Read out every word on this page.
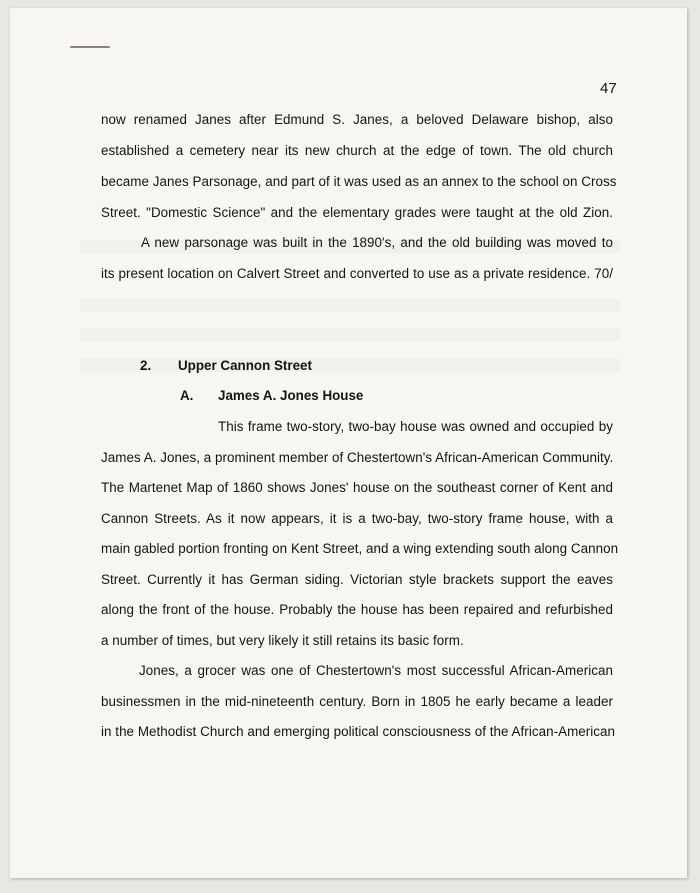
47
now renamed Janes after Edmund S. Janes, a beloved Delaware bishop, also
established a cemetery near its new church at the edge of town. The old church
became Janes Parsonage, and part of it was used as an annex to the school on Cross
Street. "Domestic Science" and the elementary grades were taught at the old Zion.
A new parsonage was built in the 1890's, and the old building was moved to
its present location on Calvert Street and converted to use as a private residence. 70/
2. Upper Cannon Street
A. James A. Jones House
This frame two-story, two-bay house was owned and occupied by
James A. Jones, a prominent member of Chestertown's African-American Community.
The Martenet Map of 1860 shows Jones' house on the southeast corner of Kent and
Cannon Streets. As it now appears, it is a two-bay, two-story frame house, with a
main gabled portion fronting on Kent Street, and a wing extending south along Cannon
Street. Currently it has German siding. Victorian style brackets support the eaves
along the front of the house. Probably the house has been repaired and refurbished
a number of times, but very likely it still retains its basic form.
Jones, a grocer was one of Chestertown's most successful African-American
businessmen in the mid-nineteenth century. Born in 1805 he early became a leader
in the Methodist Church and emerging political consciousness of the African-American
